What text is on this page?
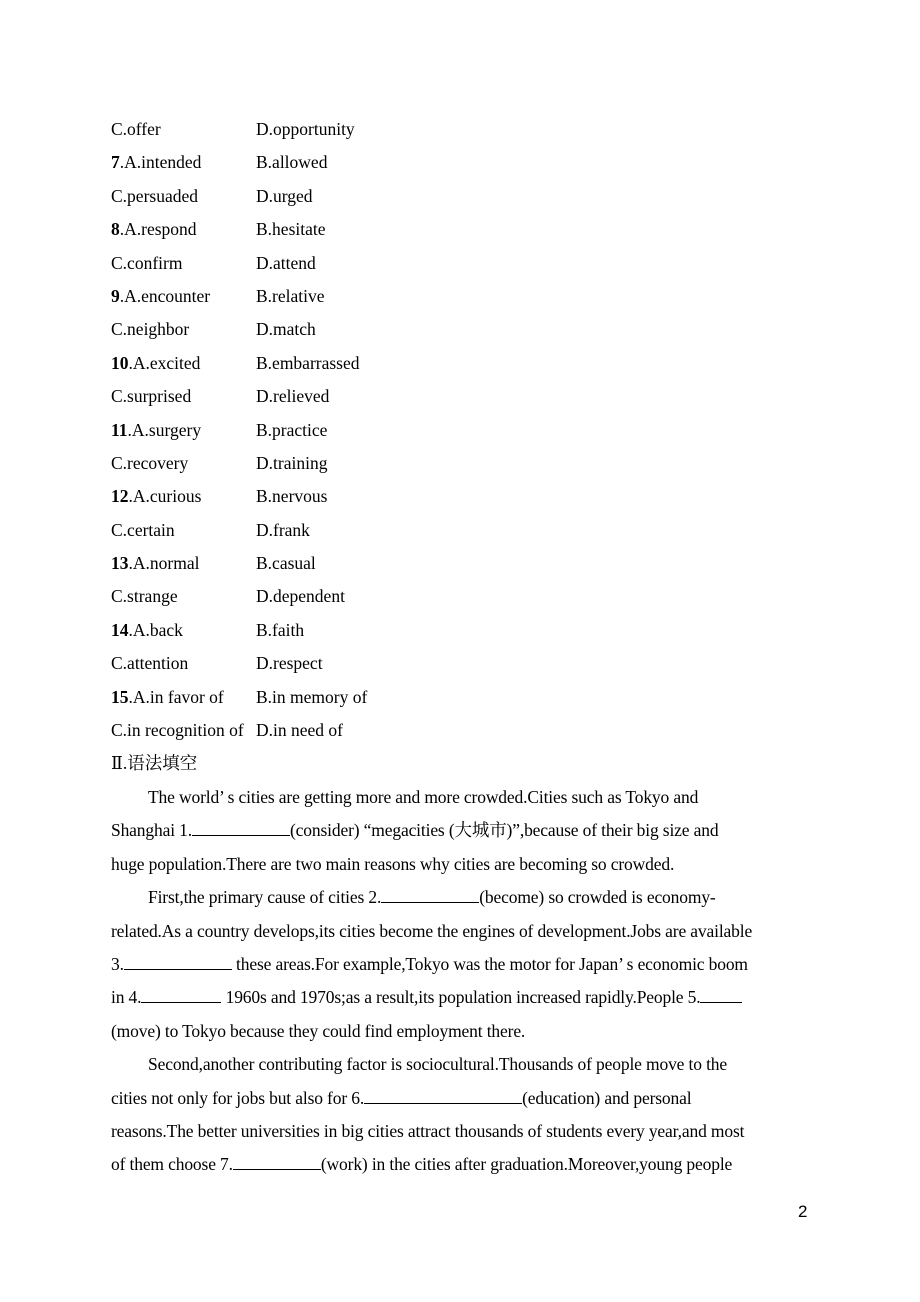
C.offer	D.opportunity
7.A.intended	B.allowed
C.persuaded	D.urged
8.A.respond	B.hesitate
C.confirm	D.attend
9.A.encounter	B.relative
C.neighbor	D.match
10.A.excited	B.embarrassed
C.surprised	D.relieved
11.A.surgery	B.practice
C.recovery	D.training
12.A.curious	B.nervous
C.certain	D.frank
13.A.normal	B.casual
C.strange	D.dependent
14.A.back	B.faith
C.attention	D.respect
15.A.in favor of B.in memory of
C.in recognition of D.in need of
Ⅱ.语法填空
The world’ s cities are getting more and more crowded.Cities such as Tokyo and
Shanghai 1.	(consider) “megacities (大城市)”,because of their big size and
huge population.There are two main reasons why cities are becoming so crowded.
First,the primary cause of cities 2.	(become) so crowded is economy-
related.As a country develops,its cities become the engines of development.Jobs are available
3.	these areas.For example,Tokyo was the motor for Japan’ s economic boom
in 4.	1960s and 1970s;as a result,its population increased rapidly.People 5.
(move) to Tokyo because they could find employment there.
Second,another contributing factor is sociocultural.Thousands of people move to the
cities not only for jobs but also for 6.	(education) and personal
reasons.The better universities in big cities attract thousands of students every year,and most
of them choose 7.	(work) in the cities after graduation.Moreover,young people
2
